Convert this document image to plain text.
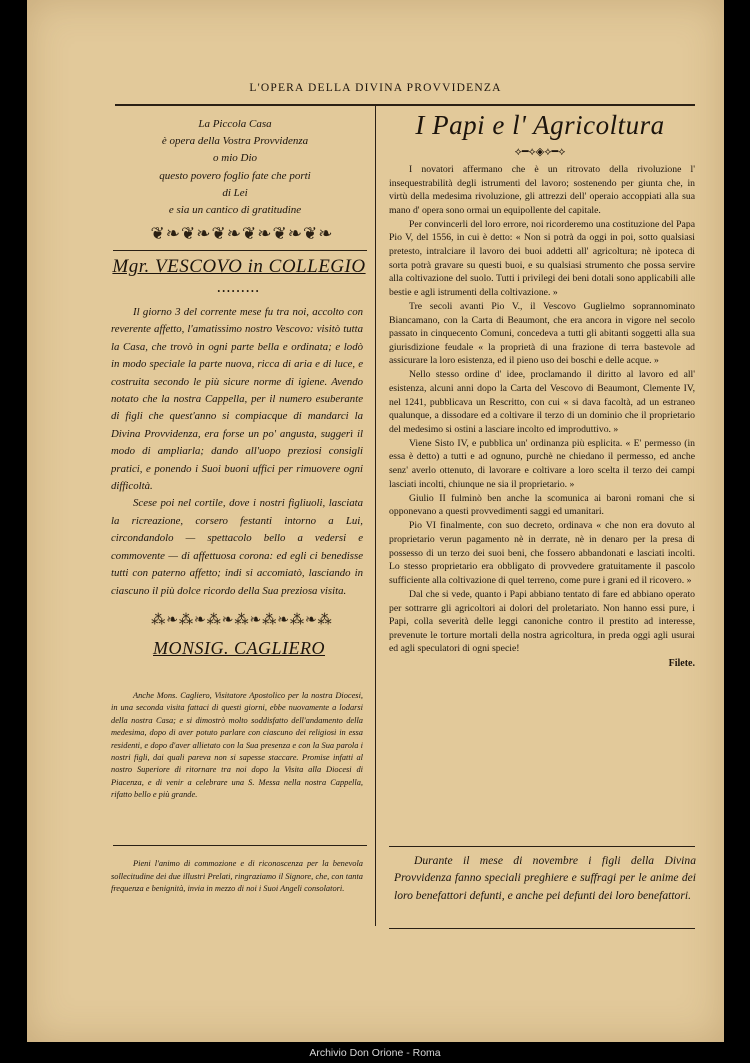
L'OPERA DELLA DIVINA PROVVIDENZA
La Piccola Casa
è opera della Vostra Provvidenza
o mio Dio
questo povero foglio fate che porti
di Lei
e sia un cantico di gratitudine
❦❧❦❧❦❧❦❧❦❧❦❧
Mgr. VESCOVO in COLLEGIO
•••••••••

Il giorno 3 del corrente mese fu tra noi, accolto con reverente affetto, l'amatissimo nostro Vescovo: visitò tutta la Casa, che trovò in ogni parte bella e ordinata; e lodò in modo speciale la parte nuova, ricca di aria e di luce, e costruita secondo le più sicure norme di igiene. Avendo notato che la nostra Cappella, per il numero esuberante di figli che quest'anno si compiacque di mandarci la Divina Provvidenza, era forse un po' angusta, suggerì il modo di ampliarla; dando all'uopo preziosi consigli pratici, e ponendo i Suoi buoni uffici per rimuovere ogni difficoltà.

Scese poi nel cortile, dove i nostri figliuoli, lasciata la ricreazione, corsero festanti intorno a Lui, circondandolo — spettacolo bello a vedersi e commovente — di affettuosa corona: ed egli ci benedisse tutti con paterno affetto; indi si accomiatò, lasciando in ciascuno il più dolce ricordo della Sua preziosa visita.

⁂❧⁂❧⁂❧⁂❧⁂❧⁂❧⁂
MONSIG. CAGLIERO

Anche Mons. Cagliero, Visitatore Apostolico per la nostra Diocesi, in una seconda visita fattaci di questi giorni, ebbe nuovamente a lodarsi della nostra Casa; e si dimostrò molto soddisfatto dell'andamento della medesima, dopo di aver potuto parlare con ciascuno dei religiosi in essa residenti, e dopo d'aver allietato con la Sua presenza e con la Sua parola i nostri figli, dai quali pareva non si sapesse staccare. Promise infatti al nostro Superiore di ritornare tra noi dopo la Visita alla Diocesi di Piacenza, e di venir a celebrare una S. Messa nella nostra Cappella, rifatto bello e più grande.

Pieni l'animo di commozione e di riconoscenza per la benevola sollecitudine dei due illustri Prelati, ringraziamo il Signore, che, con tanta frequenza e benignità, invia in mezzo di noi i Suoi Angeli consolatori.

I Papi e l' Agricoltura
⟡━⟡◈⟡━⟡

I novatori affermano che è un ritrovato della rivoluzione l' insequestrabilità degli istrumenti del lavoro; sostenendo per giunta che, in virtù della medesima rivoluzione, gli attrezzi dell' operaio accoppiati alla sua mano d' opera sono ormai un equipollente del capitale.

Per convincerli del loro errore, noi ricorderemo una costituzione del Papa Pio V, del 1556, in cui è detto: « Non si potrà da oggi in poi, sotto qualsiasi pretesto, intralciare il lavoro dei buoi addetti all' agricoltura; nè ipoteca di sorta potrà gravare su questi buoi, e su qualsiasi strumento che possa servire alla coltivazione del suolo. Tutti i privilegi dei beni dotali sono applicabili alle bestie e agli istrumenti della coltivazione. »

Tre secoli avanti Pio V., il Vescovo Guglielmo soprannominato Biancamano, con la Carta di Beaumont, che era ancora in vigore nel secolo passato in cinquecento Comuni, concedeva a tutti gli abitanti soggetti alla sua giurisdizione feudale « la proprietà di una frazione di terra bastevole ad assicurare la loro esistenza, ed il pieno uso dei boschi e delle acque. »

Nello stesso ordine d' idee, proclamando il diritto al lavoro ed all' esistenza, alcuni anni dopo la Carta del Vescovo di Beaumont, Clemente IV, nel 1241, pubblicava un Rescritto, con cui « si dava facoltà, ad un estraneo qualunque, a dissodare ed a coltivare il terzo di un dominio che il proprietario del medesimo si ostini a lasciare incolto ed improduttivo. »

Viene Sisto IV, e pubblica un' ordinanza più esplicita. « E' permesso (in essa è detto) a tutti e ad ognuno, purchè ne chiedano il permesso, ed anche senz' averlo ottenuto, di lavorare e coltivare a loro scelta il terzo dei campi lasciati incolti, chiunque ne sia il proprietario. »

Giulio II fulminò ben anche la scomunica ai baroni romani che si opponevano a questi provvedimenti saggi ed umanitari.

Pio VI finalmente, con suo decreto, ordinava « che non era dovuto al proprietario verun pagamento nè in derrate, nè in denaro per la presa di possesso di un terzo dei suoi beni, che fossero abbandonati e lasciati incolti. Lo stesso proprietario era obbligato di provvedere gratuitamente il pascolo sufficiente alla coltivazione di quel terreno, come pure i grani ed il ricovero. »

Dal che si vede, quanto i Papi abbiano tentato di fare ed abbiano operato per sottrarre gli agricoltori ai dolori del proletariato. Non hanno essi pure, i Papi, colla severità delle leggi canoniche contro il prestito ad interesse, prevenute le torture mortali della nostra agricoltura, in preda oggi agli usurai ed agli speculatori di ogni specie!

Filete.
Durante il mese di novembre i figli della Divina Provvidenza fanno speciali preghiere e suffragi per le anime dei loro benefattori defunti, e anche pei defunti dei loro benefattori.
Archivio Don Orione - Roma
